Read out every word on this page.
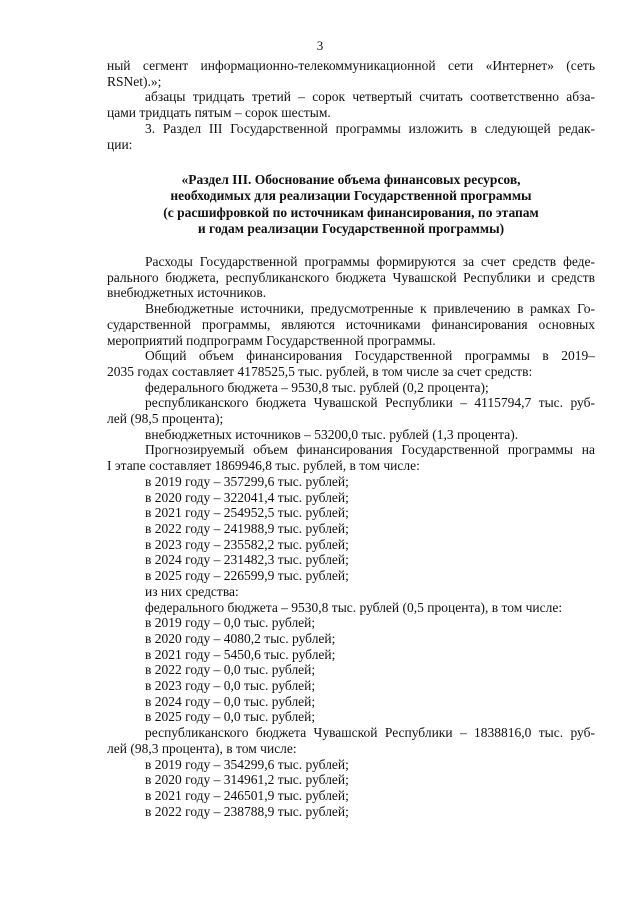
3
ный сегмент информационно-телекоммуникационной сети «Интернет» (сеть
RSNet).»;
абзацы тридцать третий – сорок четвертый считать соответственно абза-
цами тридцать пятым – сорок шестым.
3. Раздел III Государственной программы изложить в следующей редак-
ции:
«Раздел III. Обоснование объема финансовых ресурсов,
необходимых для реализации Государственной программы
(с расшифровкой по источникам финансирования, по этапам
и годам реализации Государственной программы)
Расходы Государственной программы формируются за счет средств феде-
рального бюджета, республиканского бюджета Чувашской Республики и средств
внебюджетных источников.
Внебюджетные источники, предусмотренные к привлечению в рамках Го-
сударственной программы, являются источниками финансирования основных
мероприятий подпрограмм Государственной программы.
Общий объем финансирования Государственной программы в 2019–
2035 годах составляет 4178525,5 тыс. рублей, в том числе за счет средств:
федерального бюджета – 9530,8 тыс. рублей (0,2 процента);
республиканского бюджета Чувашской Республики – 4115794,7 тыс. руб-
лей (98,5 процента);
внебюджетных источников – 53200,0 тыс. рублей (1,3 процента).
Прогнозируемый объем финансирования Государственной программы на
I этапе составляет 1869946,8 тыс. рублей, в том числе:
в 2019 году – 357299,6 тыс. рублей;
в 2020 году – 322041,4 тыс. рублей;
в 2021 году – 254952,5 тыс. рублей;
в 2022 году – 241988,9 тыс. рублей;
в 2023 году – 235582,2 тыс. рублей;
в 2024 году – 231482,3 тыс. рублей;
в 2025 году – 226599,9 тыс. рублей;
из них средства:
федерального бюджета – 9530,8 тыс. рублей (0,5 процента), в том числе:
в 2019 году – 0,0 тыс. рублей;
в 2020 году – 4080,2 тыс. рублей;
в 2021 году – 5450,6 тыс. рублей;
в 2022 году – 0,0 тыс. рублей;
в 2023 году – 0,0 тыс. рублей;
в 2024 году – 0,0 тыс. рублей;
в 2025 году – 0,0 тыс. рублей;
республиканского бюджета Чувашской Республики – 1838816,0 тыс. руб-
лей (98,3 процента), в том числе:
в 2019 году – 354299,6 тыс. рублей;
в 2020 году – 314961,2 тыс. рублей;
в 2021 году – 246501,9 тыс. рублей;
в 2022 году – 238788,9 тыс. рублей;
